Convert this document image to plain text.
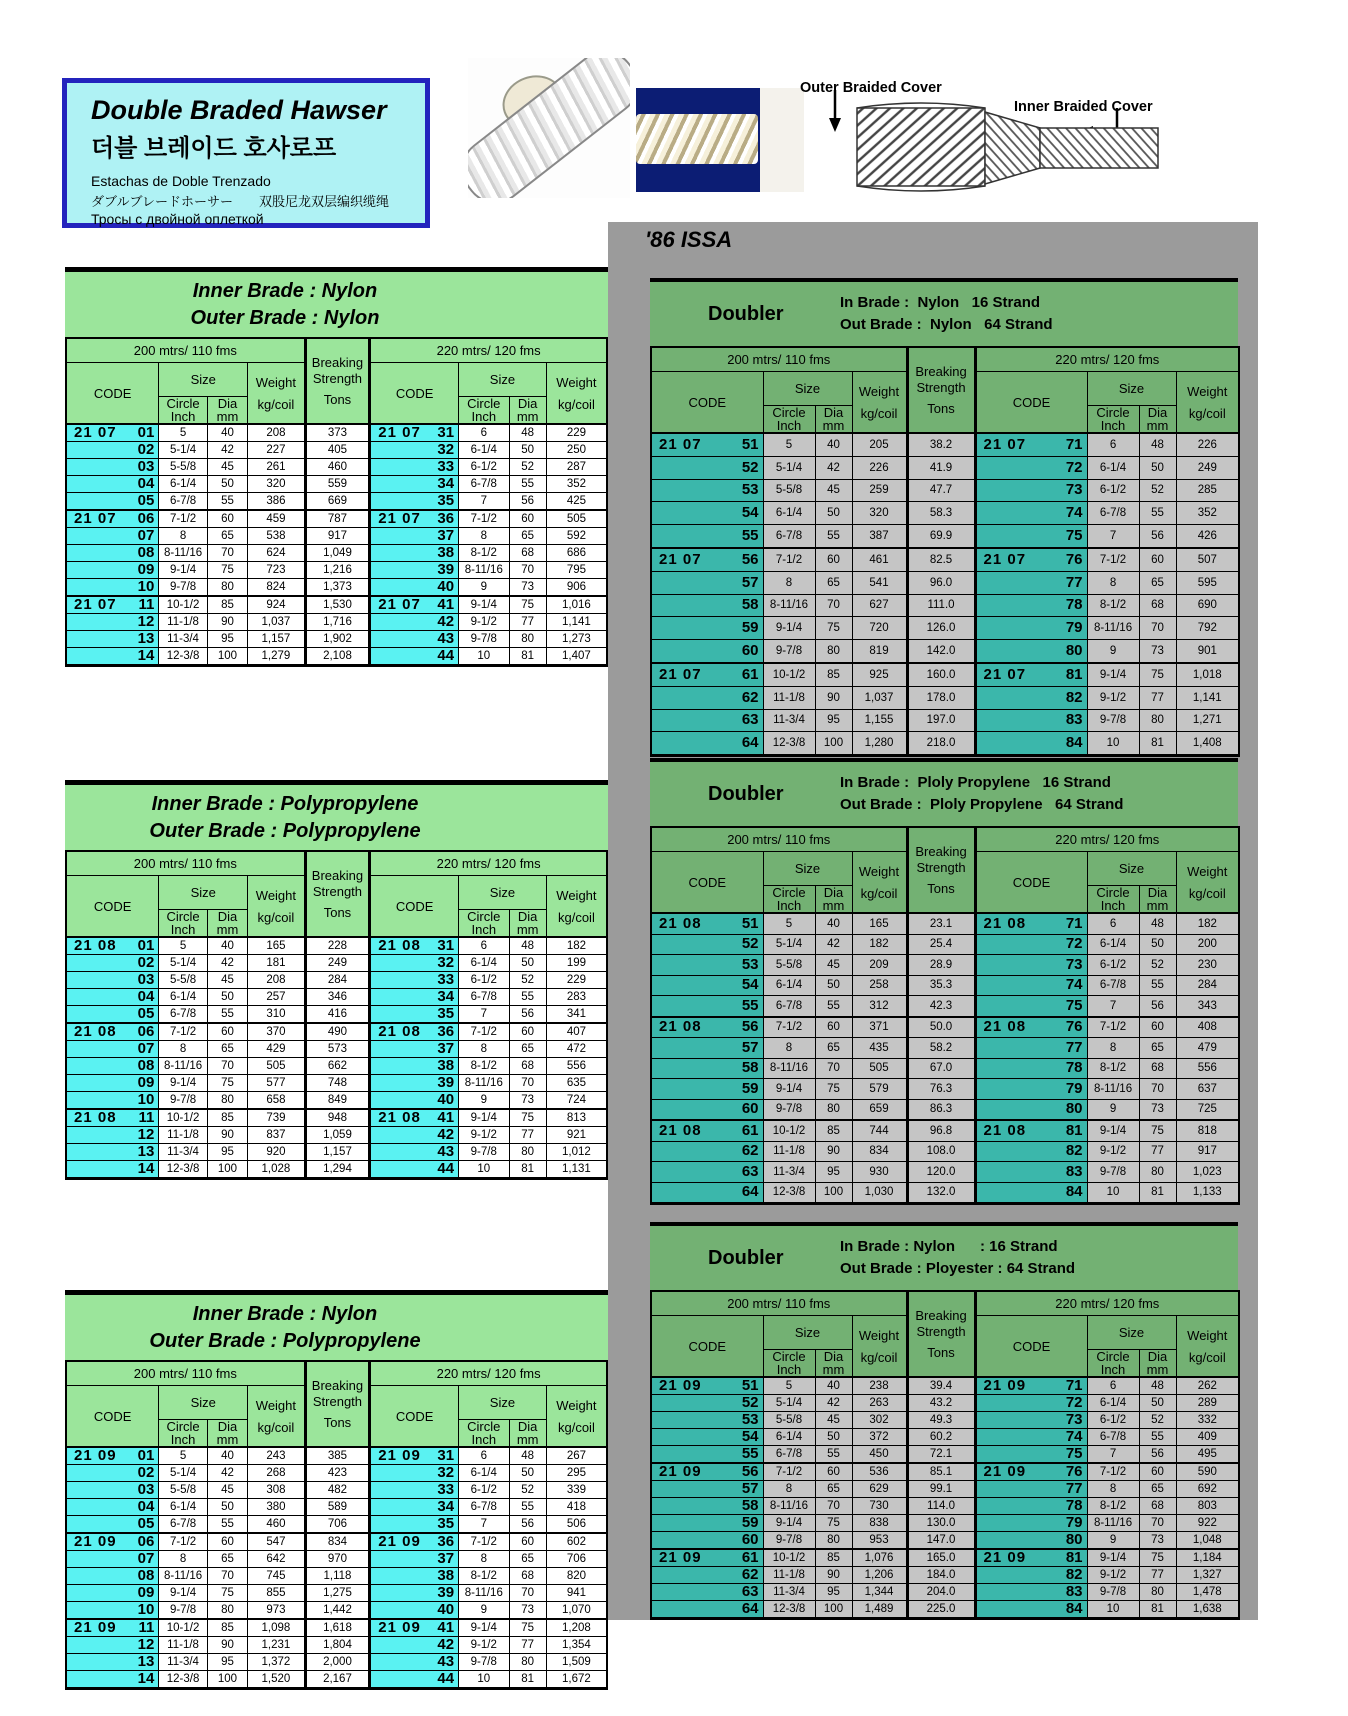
Double Braded Hawser
더블 브레이드 호사로프
Estachas de Doble Trenzado
ダブルブレードホーサー　　双股尼龙双层编织缆绳
Тросы с двойной оплеткой
Outer Braided Cover
Inner Braided Cover
Inner Brade : Nylon
Outer Brade : Nylon
200 mtrs/ 110 fms				Breaking
Strength
Tons	220 mtrs/ 120 fms			
CODE	Size	Weight
kg/coil
	CODE	Size	Weight
kg/coil

Circle
Inch

Dia
mm

Circle
Inch

Dia
mm

21 07 01	5	40	208	373	21 07 31	6	48	229

02	5-1/4	42	227	405	32	6-1/4	50	250

03	5-5/8	45	261	460	33	6-1/2	52	287

04	6-1/4	50	320	559	34	6-7/8	55	352

05	6-7/8	55	386	669	35	7	56	425

21 07 06	7-1/2	60	459	787	21 07 36	7-1/2	60	505

07	8	65	538	917	37	8	65	592

08	8-11/16	70	624	1,049	38	8-1/2	68	686

09	9-1/4	75	723	1,216	39	8-11/16	70	795

10	9-7/8	80	824	1,373	40	9	73	906

21 07 11	10-1/2	85	924	1,530	21 07 41	9-1/4	75	1,016

12	11-1/8	90	1,037	1,716	42	9-1/2	77	1,141

13	11-3/4	95	1,157	1,902	43	9-7/8	80	1,273

14	12-3/8	100	1,279	2,108	44	10	81	1,407
Inner Brade : Polypropylene
Outer Brade : Polypropylene
200 mtrs/ 110 fms				Breaking
Strength
Tons	220 mtrs/ 120 fms			
CODE	Size	Weight
kg/coil
	CODE	Size	Weight
kg/coil

Circle
Inch

Dia
mm

Circle
Inch

Dia
mm

21 08 01	5	40	165	228	21 08 31	6	48	182

02	5-1/4	42	181	249	32	6-1/4	50	199

03	5-5/8	45	208	284	33	6-1/2	52	229

04	6-1/4	50	257	346	34	6-7/8	55	283

05	6-7/8	55	310	416	35	7	56	341

21 08 06	7-1/2	60	370	490	21 08 36	7-1/2	60	407

07	8	65	429	573	37	8	65	472

08	8-11/16	70	505	662	38	8-1/2	68	556

09	9-1/4	75	577	748	39	8-11/16	70	635

10	9-7/8	80	658	849	40	9	73	724

21 08 11	10-1/2	85	739	948	21 08 41	9-1/4	75	813

12	11-1/8	90	837	1,059	42	9-1/2	77	921

13	11-3/4	95	920	1,157	43	9-7/8	80	1,012

14	12-3/8	100	1,028	1,294	44	10	81	1,131
Inner Brade : Nylon
Outer Brade : Polypropylene
200 mtrs/ 110 fms				Breaking
Strength
Tons	220 mtrs/ 120 fms			
CODE	Size	Weight
kg/coil
	CODE	Size	Weight
kg/coil

Circle
Inch

Dia
mm

Circle
Inch

Dia
mm

21 09 01	5	40	243	385	21 09 31	6	48	267

02	5-1/4	42	268	423	32	6-1/4	50	295

03	5-5/8	45	308	482	33	6-1/2	52	339

04	6-1/4	50	380	589	34	6-7/8	55	418

05	6-7/8	55	460	706	35	7	56	506

21 09 06	7-1/2	60	547	834	21 09 36	7-1/2	60	602

07	8	65	642	970	37	8	65	706

08	8-11/16	70	745	1,118	38	8-1/2	68	820

09	9-1/4	75	855	1,275	39	8-11/16	70	941

10	9-7/8	80	973	1,442	40	9	73	1,070

21 09 11	10-1/2	85	1,098	1,618	21 09 41	9-1/4	75	1,208

12	11-1/8	90	1,231	1,804	42	9-1/2	77	1,354

13	11-3/4	95	1,372	2,000	43	9-7/8	80	1,509

14	12-3/8	100	1,520	2,167	44	10	81	1,672
'86 ISSA
Doubler	In Brade :  Nylon   16 Strand
Out Brade :  Nylon   64 Strand
200 mtrs/ 110 fms				Breaking
Strength
Tons	220 mtrs/ 120 fms			
CODE	Size	Weight
kg/coil
	CODE	Size	Weight
kg/coil

Circle
Inch

Dia
mm

Circle
Inch

Dia
mm

21 07 51	5	40	205	38.2	21 07 71	6	48	226

52	5-1/4	42	226	41.9	72	6-1/4	50	249

53	5-5/8	45	259	47.7	73	6-1/2	52	285

54	6-1/4	50	320	58.3	74	6-7/8	55	352

55	6-7/8	55	387	69.9	75	7	56	426

21 07 56	7-1/2	60	461	82.5	21 07 76	7-1/2	60	507

57	8	65	541	96.0	77	8	65	595

58	8-11/16	70	627	111.0	78	8-1/2	68	690

59	9-1/4	75	720	126.0	79	8-11/16	70	792

60	9-7/8	80	819	142.0	80	9	73	901

21 07 61	10-1/2	85	925	160.0	21 07 81	9-1/4	75	1,018

62	11-1/8	90	1,037	178.0	82	9-1/2	77	1,141

63	11-3/4	95	1,155	197.0	83	9-7/8	80	1,271

64	12-3/8	100	1,280	218.0	84	10	81	1,408
Doubler	In Brade :  Ploly Propylene   16 Strand
Out Brade :  Ploly Propylene   64 Strand
200 mtrs/ 110 fms				Breaking
Strength
Tons	220 mtrs/ 120 fms			
CODE	Size	Weight
kg/coil
	CODE	Size	Weight
kg/coil

Circle
Inch

Dia
mm

Circle
Inch

Dia
mm

21 08 51	5	40	165	23.1	21 08 71	6	48	182

52	5-1/4	42	182	25.4	72	6-1/4	50	200

53	5-5/8	45	209	28.9	73	6-1/2	52	230

54	6-1/4	50	258	35.3	74	6-7/8	55	284

55	6-7/8	55	312	42.3	75	7	56	343

21 08 56	7-1/2	60	371	50.0	21 08 76	7-1/2	60	408

57	8	65	435	58.2	77	8	65	479

58	8-11/16	70	505	67.0	78	8-1/2	68	556

59	9-1/4	75	579	76.3	79	8-11/16	70	637

60	9-7/8	80	659	86.3	80	9	73	725

21 08 61	10-1/2	85	744	96.8	21 08 81	9-1/4	75	818

62	11-1/8	90	834	108.0	82	9-1/2	77	917

63	11-3/4	95	930	120.0	83	9-7/8	80	1,023

64	12-3/8	100	1,030	132.0	84	10	81	1,133
Doubler	In Brade : Nylon      : 16 Strand
Out Brade : Ployester : 64 Strand
200 mtrs/ 110 fms				Breaking
Strength
Tons	220 mtrs/ 120 fms			
CODE	Size	Weight
kg/coil
	CODE	Size	Weight
kg/coil

Circle
Inch

Dia
mm

Circle
Inch

Dia
mm

21 09 51	5	40	238	39.4	21 09 71	6	48	262

52	5-1/4	42	263	43.2	72	6-1/4	50	289

53	5-5/8	45	302	49.3	73	6-1/2	52	332

54	6-1/4	50	372	60.2	74	6-7/8	55	409

55	6-7/8	55	450	72.1	75	7	56	495

21 09 56	7-1/2	60	536	85.1	21 09 76	7-1/2	60	590

57	8	65	629	99.1	77	8	65	692

58	8-11/16	70	730	114.0	78	8-1/2	68	803

59	9-1/4	75	838	130.0	79	8-11/16	70	922

60	9-7/8	80	953	147.0	80	9	73	1,048

21 09 61	10-1/2	85	1,076	165.0	21 09 81	9-1/4	75	1,184

62	11-1/8	90	1,206	184.0	82	9-1/2	77	1,327

63	11-3/4	95	1,344	204.0	83	9-7/8	80	1,478

64	12-3/8	100	1,489	225.0	84	10	81	1,638
